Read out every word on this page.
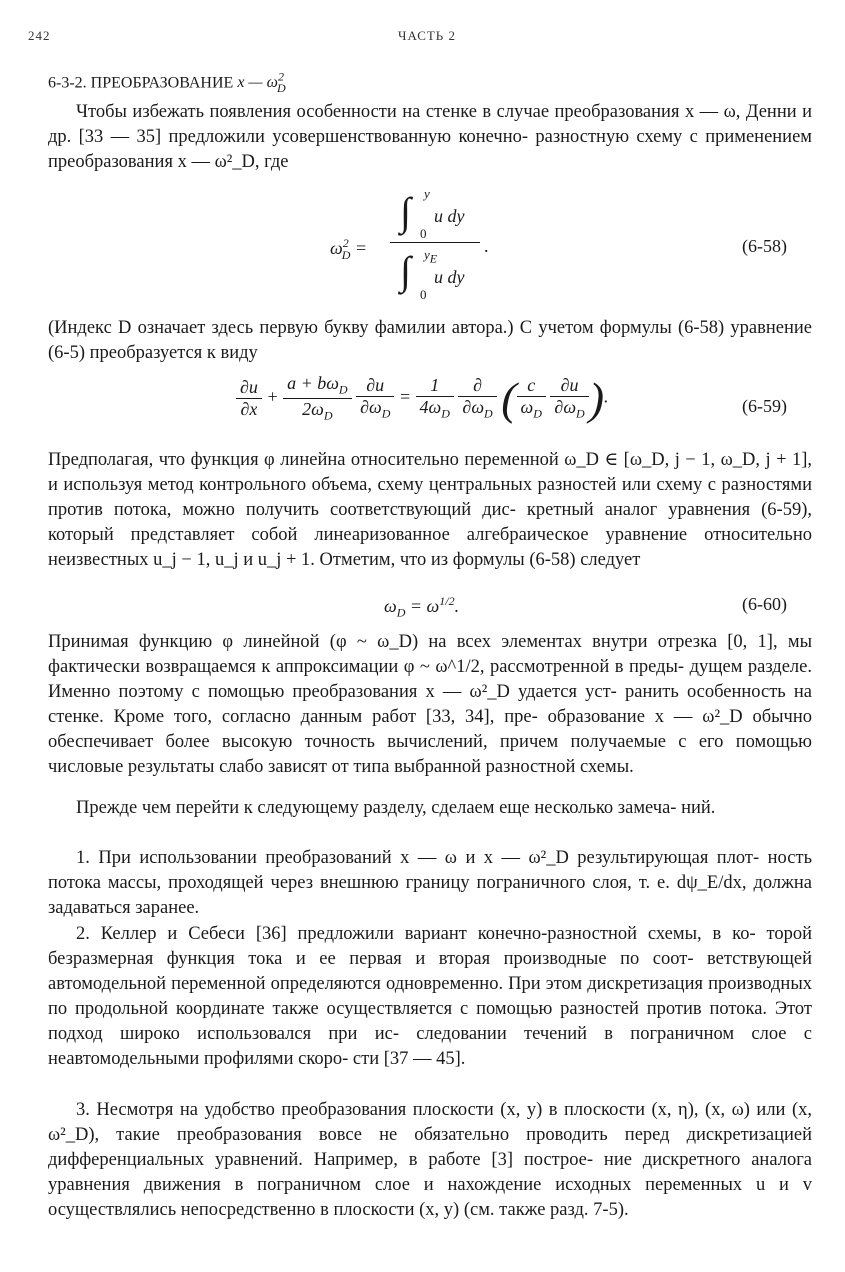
242	ЧАСТЬ 2
6-3-2. ПРЕОБРАЗОВАНИЕ x — $\omega^2_D$

Чтобы избежать появления особенности на стенке в случае преобразования x — ω, Денни и др. [33 — 35] предложили усовершенствованную конечно- разностную схему с применением преобразования x — ω²_D, где

$\omega^2_D$ =
∫ y
u dy
0
∫ $y_E$
u dy
0
.	(6-58)

(Индекс D означает здесь первую букву фамилии автора.) С учетом формулы (6-58) уравнение (6-5) преобразуется к виду

$\frac{\partial u}{\partial x} + \frac{a + b\omega_D}{2\omega_D}$
$\frac{\partial u}{\partial\omega_D} = \frac{1}{4\omega_D}$
$\frac{\partial}{\partial\omega_D}$ ( $\frac{c}{\omega_D}$
$\frac{\partial u}{\partial\omega_D}$ ).	(6-59)

Предполагая, что функция φ линейна относительно переменной ω_D ∈ [ω_D, j − 1, ω_D, j + 1], и используя метод контрольного объема, схему центральных разностей или схему с разностями против потока, можно получить соответствующий дис- кретный аналог уравнения (6-59), который представляет собой линеаризованное алгебраическое уравнение относительно неизвестных u_j − 1, u_j и u_j + 1. Отметим, что из формулы (6-58) следует

$\omega_D = \omega^{1/2}$.	(6-60)

Принимая функцию φ линейной (φ ~ ω_D) на всех элементах внутри отрезка [0, 1], мы фактически возвращаемся к аппроксимации φ ~ ω^1/2, рассмотренной в преды- дущем разделе. Именно поэтому с помощью преобразования x — ω²_D удается уст- ранить особенность на стенке. Кроме того, согласно данным работ [33, 34], пре- образование x — ω²_D обычно обеспечивает более высокую точность вычислений, причем получаемые с его помощью числовые результаты слабо зависят от типа выбранной разностной схемы.

Прежде чем перейти к следующему разделу, сделаем еще несколько замеча- ний.

1. При использовании преобразований x — ω и x — ω²_D результирующая плот- ность потока массы, проходящей через внешнюю границу пограничного слоя, т. е. dψ_E/dx, должна задаваться заранее.

2. Келлер и Себеси [36] предложили вариант конечно-разностной схемы, в ко- торой безразмерная функция тока и ее первая и вторая производные по соот- ветствующей автомодельной переменной определяются одновременно. При этом дискретизация производных по продольной координате также осуществляется с помощью разностей против потока. Этот подход широко использовался при ис- следовании течений в пограничном слое с неавтомодельными профилями скоро- сти [37 — 45].

3. Несмотря на удобство преобразования плоскости (x, y) в плоскости (x, η), (x, ω) или (x, ω²_D), такие преобразования вовсе не обязательно проводить перед дискретизацией дифференциальных уравнений. Например, в работе [3] построе- ние дискретного аналога уравнения движения в пограничном слое и нахождение исходных переменных u и v осуществлялись непосредственно в плоскости (x, y) (см. также разд. 7-5).
